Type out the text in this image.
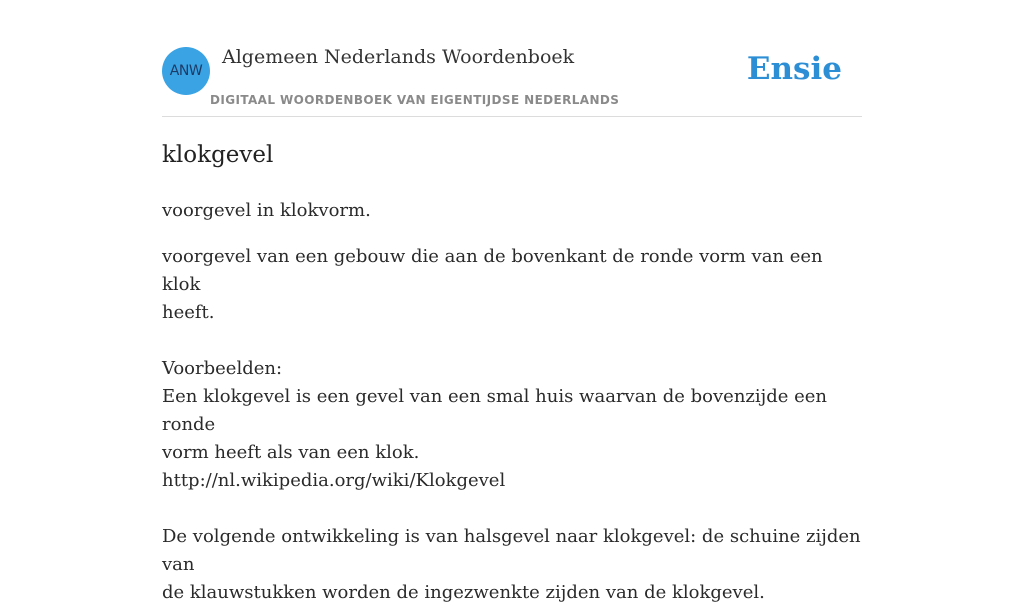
ANW
Algemeen Nederlands Woordenboek
DIGITAAL WOORDENBOEK VAN EIGENTIJDSE NEDERLANDS
Ensie
klokgevel

voorgevel in klokvorm.

voorgevel van een gebouw die aan de bovenkant de ronde vorm van een klok
heeft.
Voorbeelden:
Een klokgevel is een gevel van een smal huis waarvan de bovenzijde een ronde
vorm heeft als van een klok.
http://nl.wikipedia.org/wiki/Klokgevel
De volgende ontwikkeling is van halsgevel naar klokgevel: de schuine zijden van
de klauwstukken worden de ingezwenkte zijden van de klokgevel.
